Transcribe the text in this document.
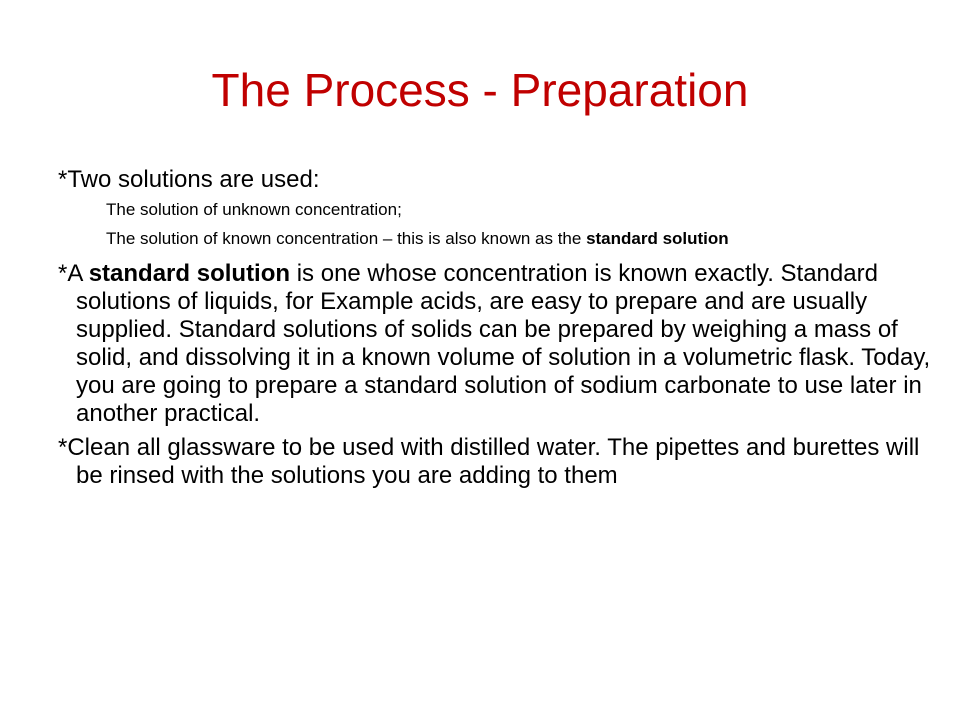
The Process - Preparation

*Two solutions are used:

The solution of unknown concentration;

The solution of known concentration – this is also known as the standard solution

*A standard solution is one whose concentration is known exactly. Standard solutions of liquids, for Example acids, are easy to prepare and are usually supplied. Standard solutions of solids can be prepared by weighing a mass of solid, and dissolving it in a known volume of solution in a volumetric flask. Today, you are going to prepare a standard solution of sodium carbonate to use later in another practical.

*Clean all glassware to be used with distilled water. The pipettes and burettes will be rinsed with the solutions you are adding to them
